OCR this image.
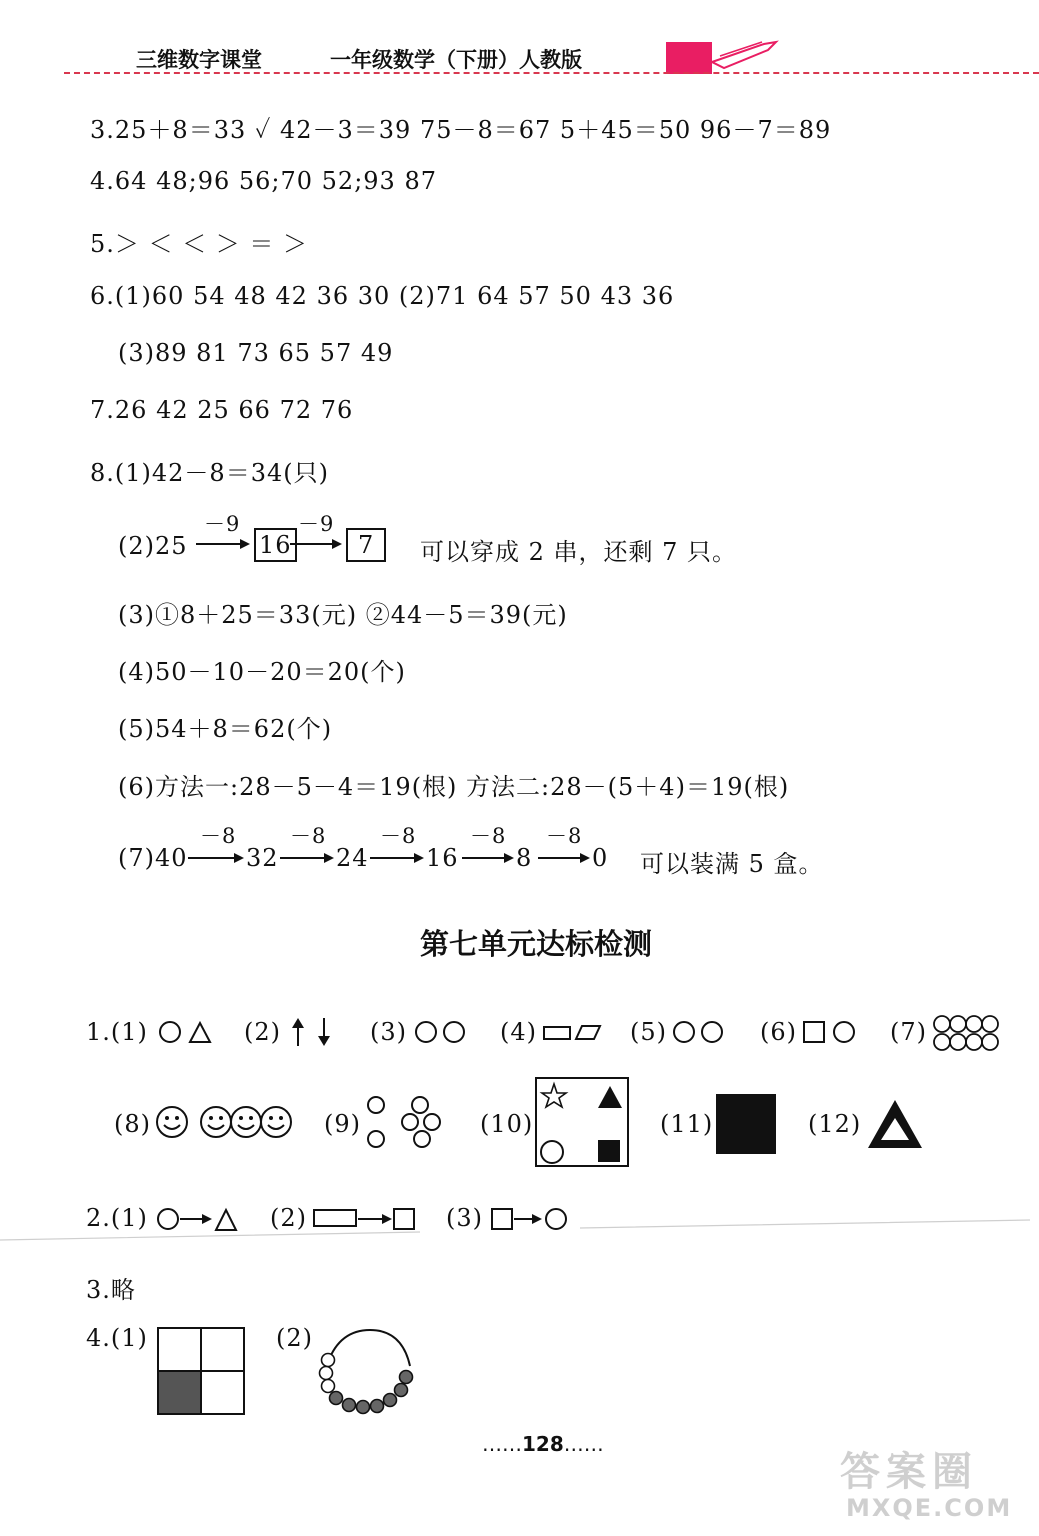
三维数字课堂	一年级数学（下册）人教版
3.25＋8＝33 ✓ 42－3＝39 75－8＝67 5＋45＝50 96－7＝89
4.64 48;96 56;70 52;93 87
5.＞ ＜ ＜ ＞ ＝ ＞
6.(1)60 54 48 42 36 30 (2)71 64 57 50 43 36
(3)89 81 73 65 57 49
7.26 42 25 66 72 76
8.(1)42－8＝34(只)
(2)25
－9
16
－9
7	可以穿成 2 串，还剩 7 只。
(3)①8＋25＝33(元) ②44－5＝39(元)
(4)50－10－20＝20(个)
(5)54＋8＝62(个)
(6)方法一:28－5－4＝19(根) 方法二:28－(5＋4)＝19(根)
(7)40
－8
32
－8
24
－8
16
－8
8
－8
0 可以装满 5 盒。
第七单元达标检测
1.(1)	(2)	(3)	(4)	(5)	(6)	(7)
(8)	(9)	(10)	(11)	(12)
2.(1)	(2)	(3)
3.略
4.(1)	(2)
……128……
答案圈
MXQE.COM
